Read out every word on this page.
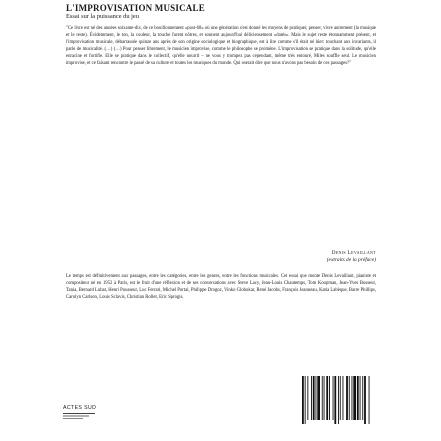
L'IMPROVISATION MUSICALE
Essai sur la puissance du jeu

"Ce livre est né des années soixante-dix, de ce bouillonnement «post-68» où une génération s'est donné les moyens de pratiquer, penser, vivre autrement (la musique et le reste). Évidemment, le ton, la couleur, la touche furent nôtres, et sonnent aujourd'hui délicieusement «datés». Mais le sujet reste étonnamment présent, et l'improvisation musicale, débarrassée quinze ans après de son origine sociologique et biographique, est à lire comme s'il était né hier: touchant aux invariants, il parle de musicalité. (…) (…) Pour penser librement, le musicien improvise, comme le philosophe se promène. L'improvisation se pratique dans la solitude, qu'elle enracine et fortifie. Elle se pratique dans le collectif, qu'elle nourrit – ne vous y trompez pas cependant, même très entouré, Miles souffle seul. Le musicien improvise, et ce faisant rencontre le passé de sa culture et toutes les musiques du monde. Qui oserait dire que nous n'avons pas besoin de ces passages?"

Denis Levaillant
(extraits de la préface)

Le temps est définitivement aux passages, entre les catégories, entre les genres, entre les fonctions musicales. Cet essai que monte Denis Levaillant, pianiste et compositeur né en 1952 à Paris, est le fruit d'une réflexion et de ses conversations avec Steve Lacy, Jean-Louis Chautemps, Tom Koopman, Jean-Yves Bosseur, Tania, Bernard Lubat, Henri Pousseur, Luc Ferrari, Michel Portal, Philippe Drogoz, Vinko Globokar, René Jacobs, François Jeanneau, Katia Labèque, Barre Phillips, Carolyn Carlson, Louis Sclavis, Christian Rollet, Eric Sprogis.

ACTES SUD
